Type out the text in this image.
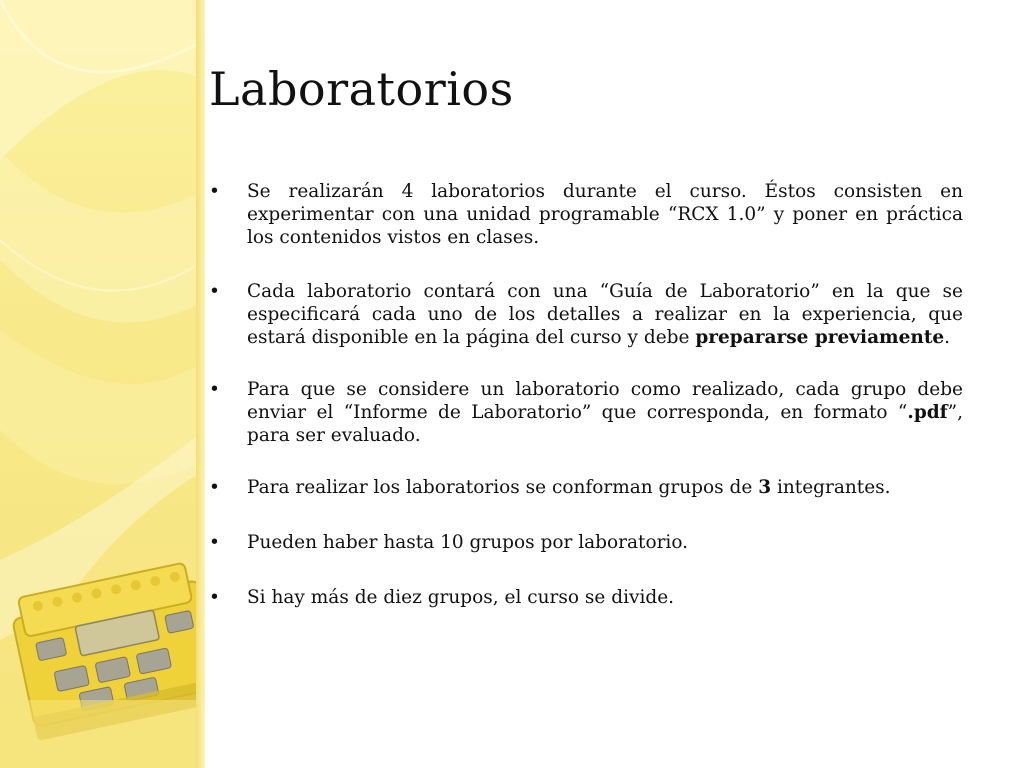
Laboratorios
• Se realizarán 4 laboratorios durante el curso. Éstos consisten en experimentar con una unidad programable “RCX 1.0” y poner en práctica los contenidos vistos en clases.
• Cada laboratorio contará con una “Guía de Laboratorio” en la que se especificará cada uno de los detalles a realizar en la experiencia, que estará disponible en la página del curso y debe prepararse previamente.
• Para que se considere un laboratorio como realizado, cada grupo debe enviar el “Informe de Laboratorio” que corresponda, en formato “.pdf”, para ser evaluado.
• Para realizar los laboratorios se conforman grupos de 3 integrantes.
• Pueden haber hasta 10 grupos por laboratorio.
• Si hay más de diez grupos, el curso se divide.
